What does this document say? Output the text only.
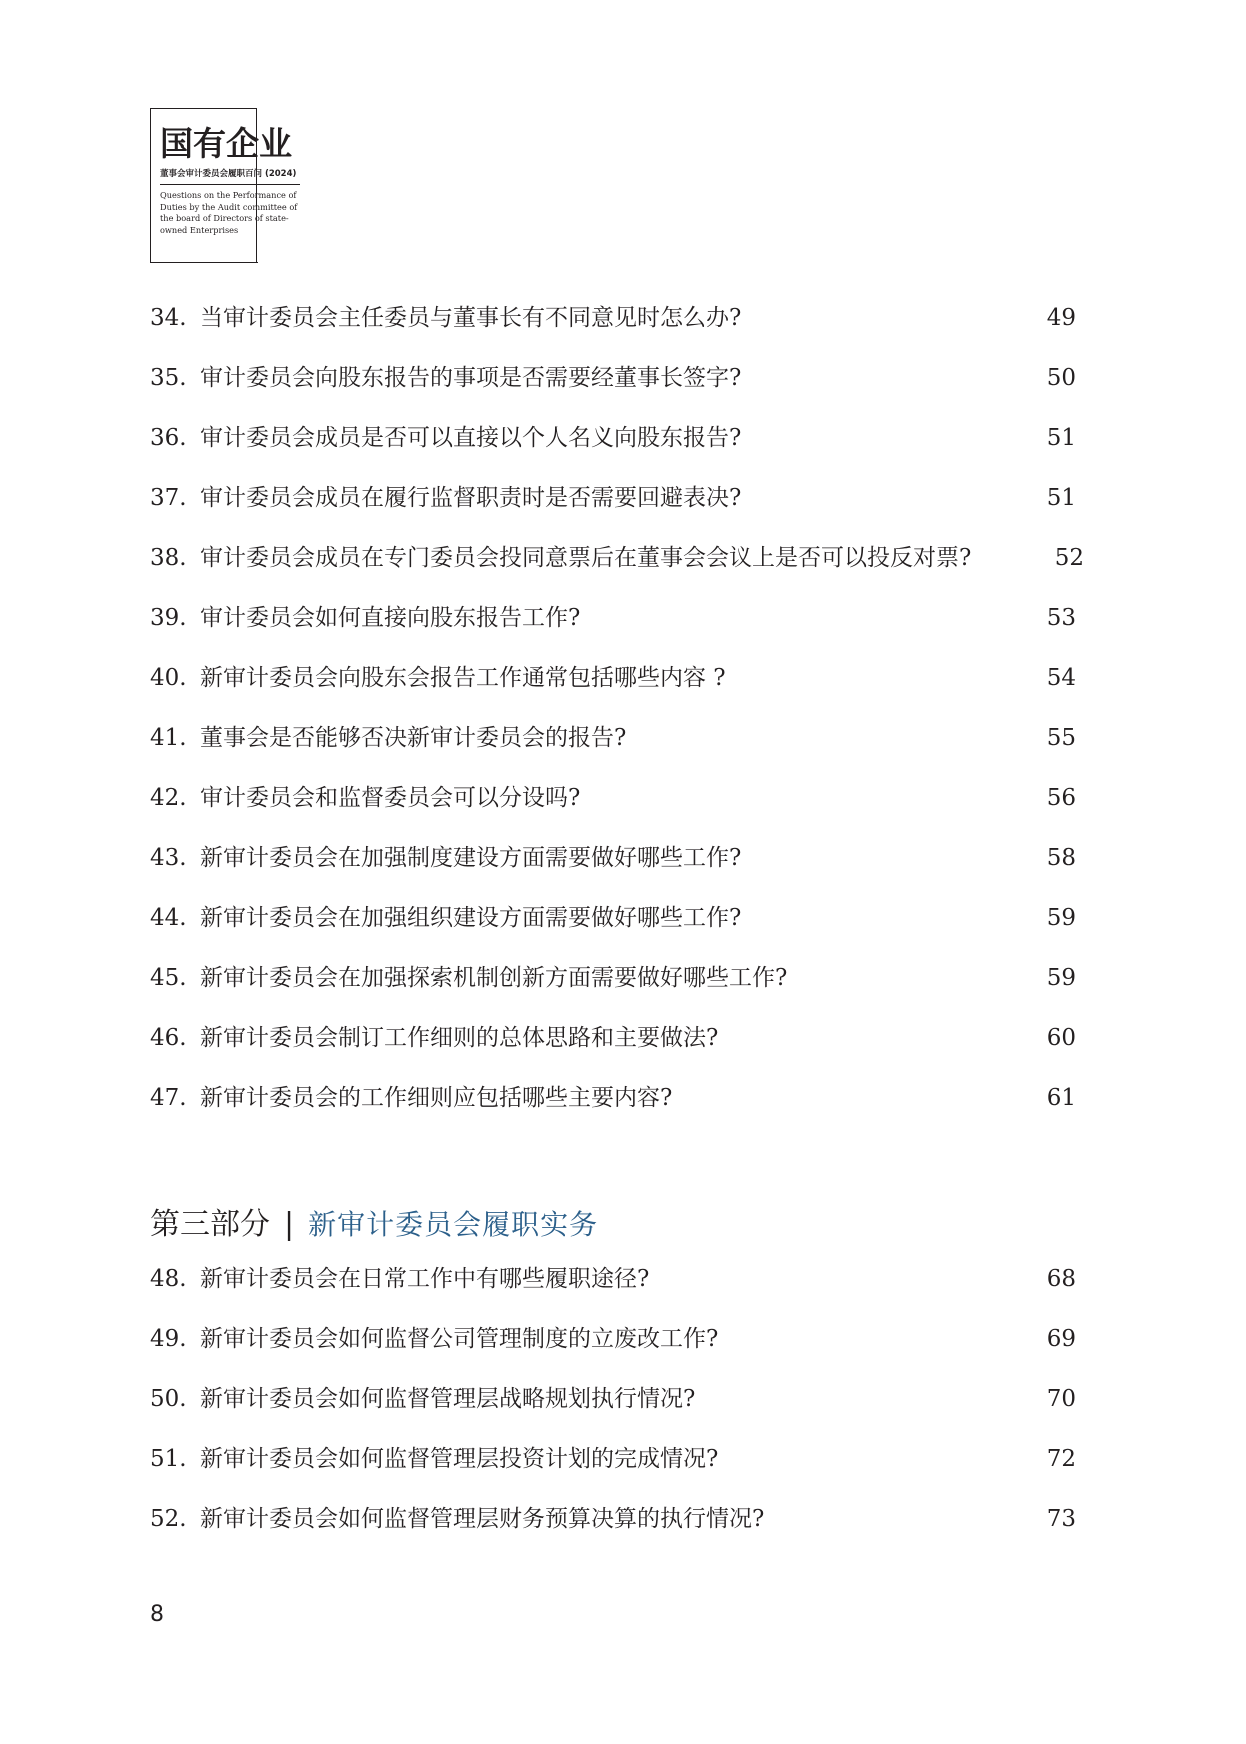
国有企业
董事会审计委员会履职百问 (2024)
Questions on the Performance of Duties by the Audit committee of the board of Directors of state-owned Enterprises
34. 当审计委员会主任委员与董事长有不同意见时怎么办?	49
35. 审计委员会向股东报告的事项是否需要经董事长签字?	50
36. 审计委员会成员是否可以直接以个人名义向股东报告?	51
37. 审计委员会成员在履行监督职责时是否需要回避表决?	51
38. 审计委员会成员在专门委员会投同意票后在董事会会议上是否可以投反对票?	52
39. 审计委员会如何直接向股东报告工作?	53
40. 新审计委员会向股东会报告工作通常包括哪些内容 ?	54
41. 董事会是否能够否决新审计委员会的报告?	55
42. 审计委员会和监督委员会可以分设吗?	56
43. 新审计委员会在加强制度建设方面需要做好哪些工作?	58
44. 新审计委员会在加强组织建设方面需要做好哪些工作?	59
45. 新审计委员会在加强探索机制创新方面需要做好哪些工作?	59
46. 新审计委员会制订工作细则的总体思路和主要做法?	60
47. 新审计委员会的工作细则应包括哪些主要内容?	61
第三部分 | 新审计委员会履职实务
48. 新审计委员会在日常工作中有哪些履职途径?	68
49. 新审计委员会如何监督公司管理制度的立废改工作?	69
50. 新审计委员会如何监督管理层战略规划执行情况?	70
51. 新审计委员会如何监督管理层投资计划的完成情况?	72
52. 新审计委员会如何监督管理层财务预算决算的执行情况?	73
8
